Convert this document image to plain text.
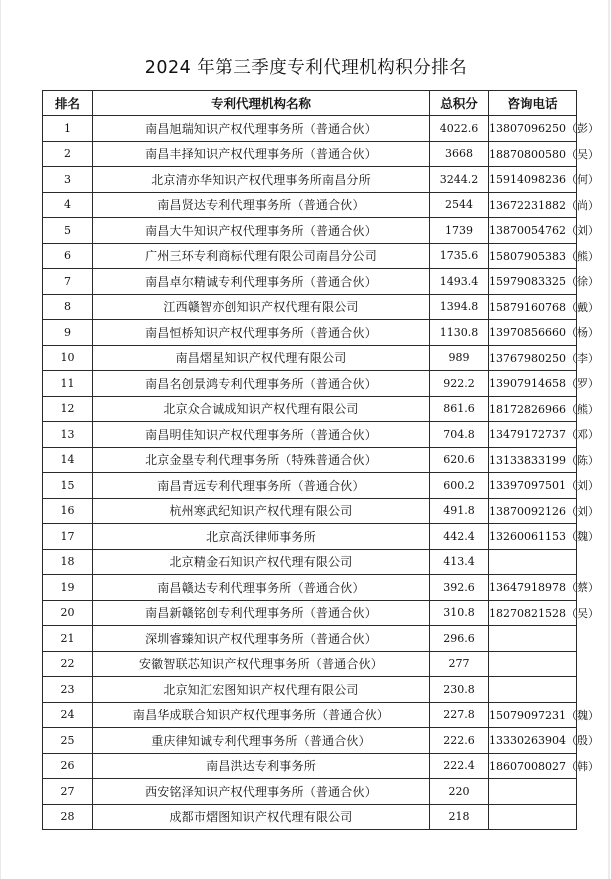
2024 年第三季度专利代理机构积分排名
排名	专利代理机构名称	总积分	咨询电话
1	南昌旭瑞知识产权代理事务所（普通合伙）	4022.6	13807096250（彭）
2	南昌丰择知识产权代理事务所（普通合伙）	3668	18870800580（吴）
3	北京清亦华知识产权代理事务所南昌分所	3244.2	15914098236（何）
4	南昌贤达专利代理事务所（普通合伙）	2544	13672231882（尚）
5	南昌大牛知识产权代理事务所（普通合伙）	1739	13870054762（刘）
6	广州三环专利商标代理有限公司南昌分公司	1735.6	15807905383（熊）
7	南昌卓尔精诚专利代理事务所（普通合伙）	1493.4	15979083325（徐）
8	江西赣智亦创知识产权代理有限公司	1394.8	15879160768（戴）
9	南昌恒桥知识产权代理事务所（普通合伙）	1130.8	13970856660（杨）
10	南昌熠星知识产权代理有限公司	989	13767980250（李）
11	南昌名创景鸿专利代理事务所（普通合伙）	922.2	13907914658（罗）
12	北京众合诚成知识产权代理有限公司	861.6	18172826966（熊）
13	南昌明佳知识产权代理事务所（普通合伙）	704.8	13479172737（邓）
14	北京金塁专利代理事务所（特殊普通合伙）	620.6	13133833199（陈）
15	南昌青远专利代理事务所（普通合伙）	600.2	13397097501（刘）
16	杭州寒武纪知识产权代理有限公司	491.8	13870092126（刘）
17	北京高沃律师事务所	442.4	13260061153（魏）
18	北京精金石知识产权代理有限公司	413.4	
19	南昌赣达专利代理事务所（普通合伙）	392.6	13647918978（蔡）
20	南昌新赣铭创专利代理事务所（普通合伙）	310.8	18270821528（吴）
21	深圳睿臻知识产权代理事务所（普通合伙）	296.6	
22	安徽智联芯知识产权代理事务所（普通合伙）	277	
23	北京知汇宏图知识产权代理有限公司	230.8	
24	南昌华成联合知识产权代理事务所（普通合伙）	227.8	15079097231（魏）
25	重庆律知诚专利代理事务所（普通合伙）	222.6	13330263904（殷）
26	南昌洪达专利事务所	222.4	18607008027（韩）
27	西安铭泽知识产权代理事务所（普通合伙）	220	
28	成都市熠图知识产权代理有限公司	218	
